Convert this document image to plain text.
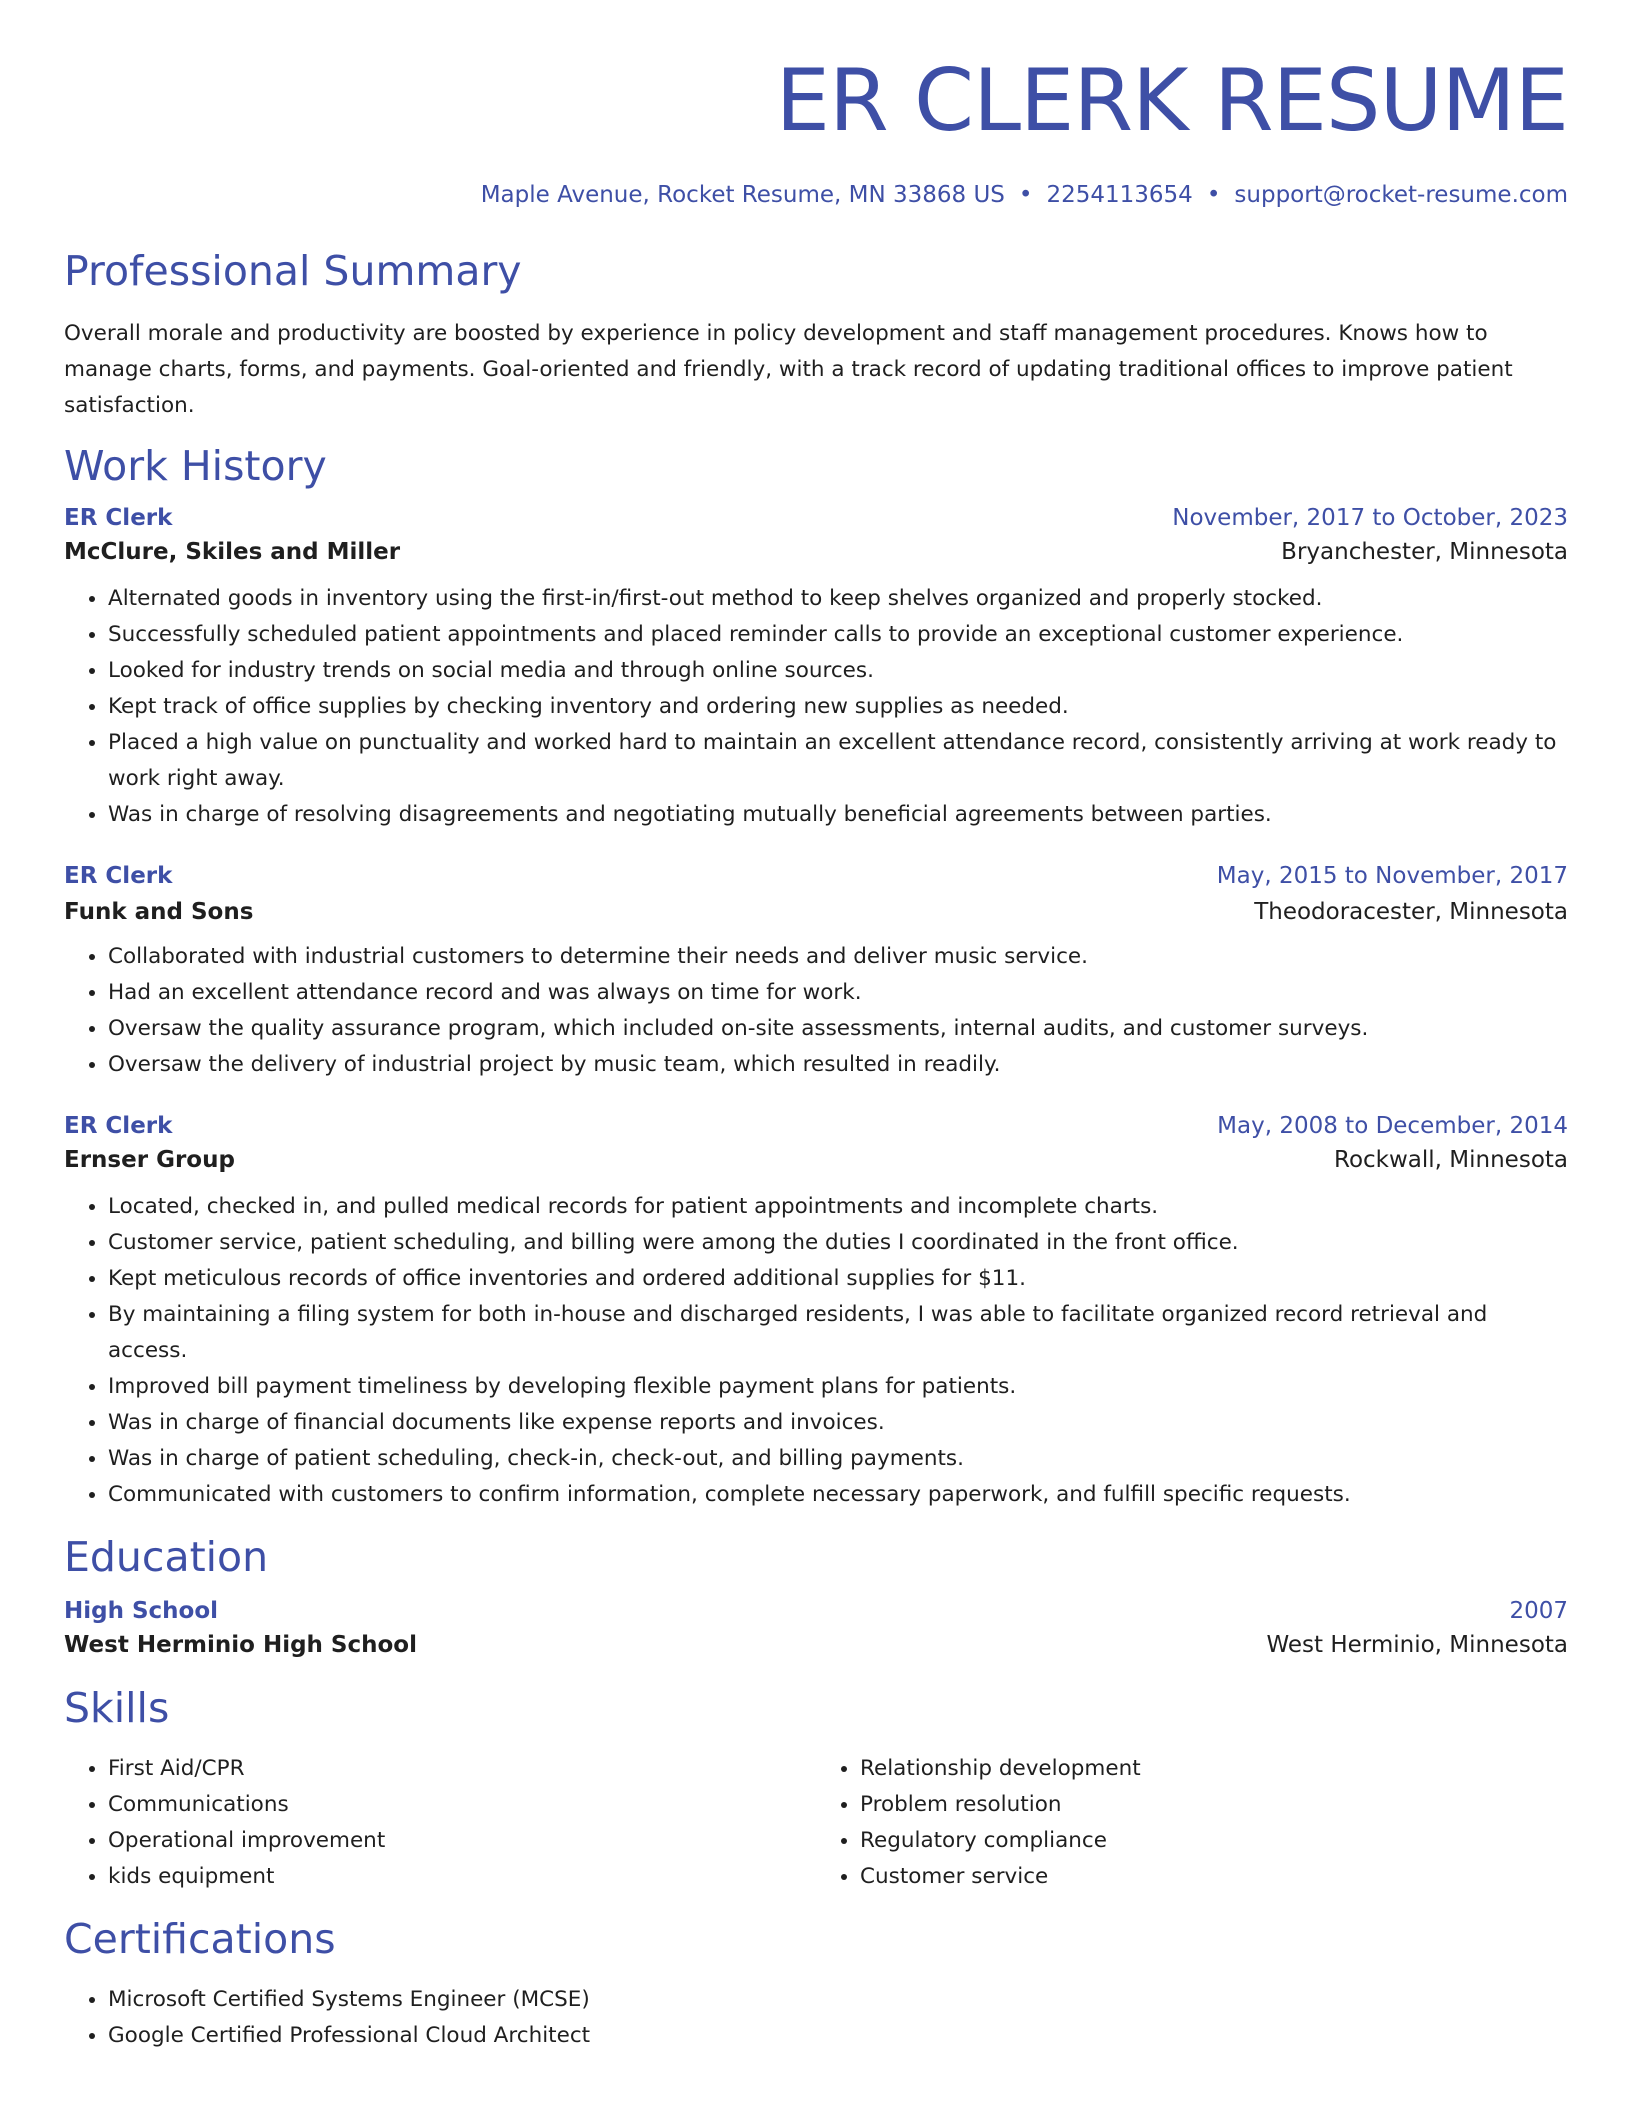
ER CLERK RESUME
Maple Avenue, Rocket Resume, MN 33868 US • 2254113654 • support@rocket-resume.com
Professional Summary

Overall morale and productivity are boosted by experience in policy development and staff management procedures. Knows how to manage charts, forms, and payments. Goal-oriented and friendly, with a track record of updating traditional offices to improve patient satisfaction.

Work History
ER Clerk	November, 2017 to October, 2023
McClure, Skiles and Miller	Bryanchester, Minnesota
• Alternated goods in inventory using the first-in/first-out method to keep shelves organized and properly stocked.
• Successfully scheduled patient appointments and placed reminder calls to provide an exceptional customer experience.
• Looked for industry trends on social media and through online sources.
• Kept track of office supplies by checking inventory and ordering new supplies as needed.
• Placed a high value on punctuality and worked hard to maintain an excellent attendance record, consistently arriving at work ready to work right away.
• Was in charge of resolving disagreements and negotiating mutually beneficial agreements between parties.
ER Clerk	May, 2015 to November, 2017
Funk and Sons	Theodoracester, Minnesota
• Collaborated with industrial customers to determine their needs and deliver music service.
• Had an excellent attendance record and was always on time for work.
• Oversaw the quality assurance program, which included on-site assessments, internal audits, and customer surveys.
• Oversaw the delivery of industrial project by music team, which resulted in readily.
ER Clerk	May, 2008 to December, 2014
Ernser Group	Rockwall, Minnesota
• Located, checked in, and pulled medical records for patient appointments and incomplete charts.
• Customer service, patient scheduling, and billing were among the duties I coordinated in the front office.
• Kept meticulous records of office inventories and ordered additional supplies for $11.
• By maintaining a filing system for both in-house and discharged residents, I was able to facilitate organized record retrieval and access.
• Improved bill payment timeliness by developing flexible payment plans for patients.
• Was in charge of financial documents like expense reports and invoices.
• Was in charge of patient scheduling, check-in, check-out, and billing payments.
• Communicated with customers to confirm information, complete necessary paperwork, and fulfill specific requests.
Education
High School	2007
West Herminio High School	West Herminio, Minnesota
Skills
• First Aid/CPR
• Communications
• Operational improvement
• kids equipment
• Relationship development
• Problem resolution
• Regulatory compliance
• Customer service
Certifications
• Microsoft Certified Systems Engineer (MCSE)
• Google Certified Professional Cloud Architect
